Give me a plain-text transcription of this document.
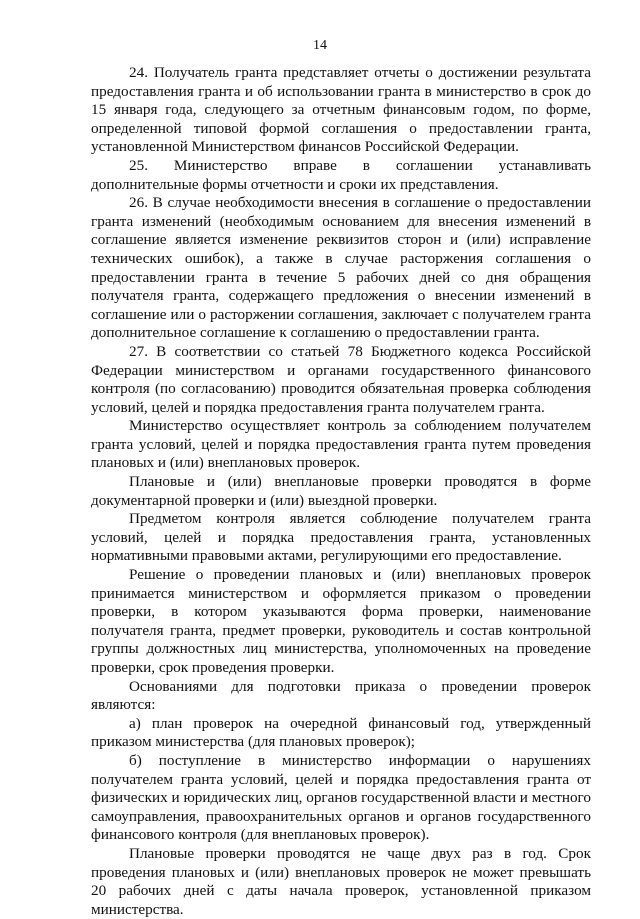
14

24. Получатель гранта представляет отчеты о достижении результата предоставления гранта и об использовании гранта в министерство в срок до 15 января года, следующего за отчетным финансовым годом, по форме, определенной типовой формой соглашения о предоставлении гранта, установленной Министерством финансов Российской Федерации.

25. Министерство вправе в соглашении устанавливать дополнительные формы отчетности и сроки их представления.

26. В случае необходимости внесения в соглашение о предоставлении гранта изменений (необходимым основанием для внесения изменений в соглашение является изменение реквизитов сторон и (или) исправление технических ошибок), а также в случае расторжения соглашения о предоставлении гранта в течение 5 рабочих дней со дня обращения получателя гранта, содержащего предложения о внесении изменений в соглашение или о расторжении соглашения, заключает с получателем гранта дополнительное соглашение к соглашению о предоставлении гранта.

27. В соответствии со статьей 78 Бюджетного кодекса Российской Федерации министерством и органами государственного финансового контроля (по согласованию) проводится обязательная проверка соблюдения условий, целей и порядка предоставления гранта получателем гранта.

Министерство осуществляет контроль за соблюдением получателем гранта условий, целей и порядка предоставления гранта путем проведения плановых и (или) внеплановых проверок.

Плановые и (или) внеплановые проверки проводятся в форме документарной проверки и (или) выездной проверки.

Предметом контроля является соблюдение получателем гранта условий, целей и порядка предоставления гранта, установленных нормативными правовыми актами, регулирующими его предоставление.

Решение о проведении плановых и (или) внеплановых проверок принимается министерством и оформляется приказом о проведении проверки, в котором указываются форма проверки, наименование получателя гранта, предмет проверки, руководитель и состав контрольной группы должностных лиц министерства, уполномоченных на проведение проверки, срок проведения проверки.

Основаниями для подготовки приказа о проведении проверок являются:

а) план проверок на очередной финансовый год, утвержденный приказом министерства (для плановых проверок);

б) поступление в министерство информации о нарушениях получателем гранта условий, целей и порядка предоставления гранта от физических и юридических лиц, органов государственной власти и местного самоуправления, правоохранительных органов и органов государственного финансового контроля (для внеплановых проверок).

Плановые проверки проводятся не чаще двух раз в год. Срок проведения плановых и (или) внеплановых проверок не может превышать 20 рабочих дней с даты начала проверок, установленной приказом министерства.
